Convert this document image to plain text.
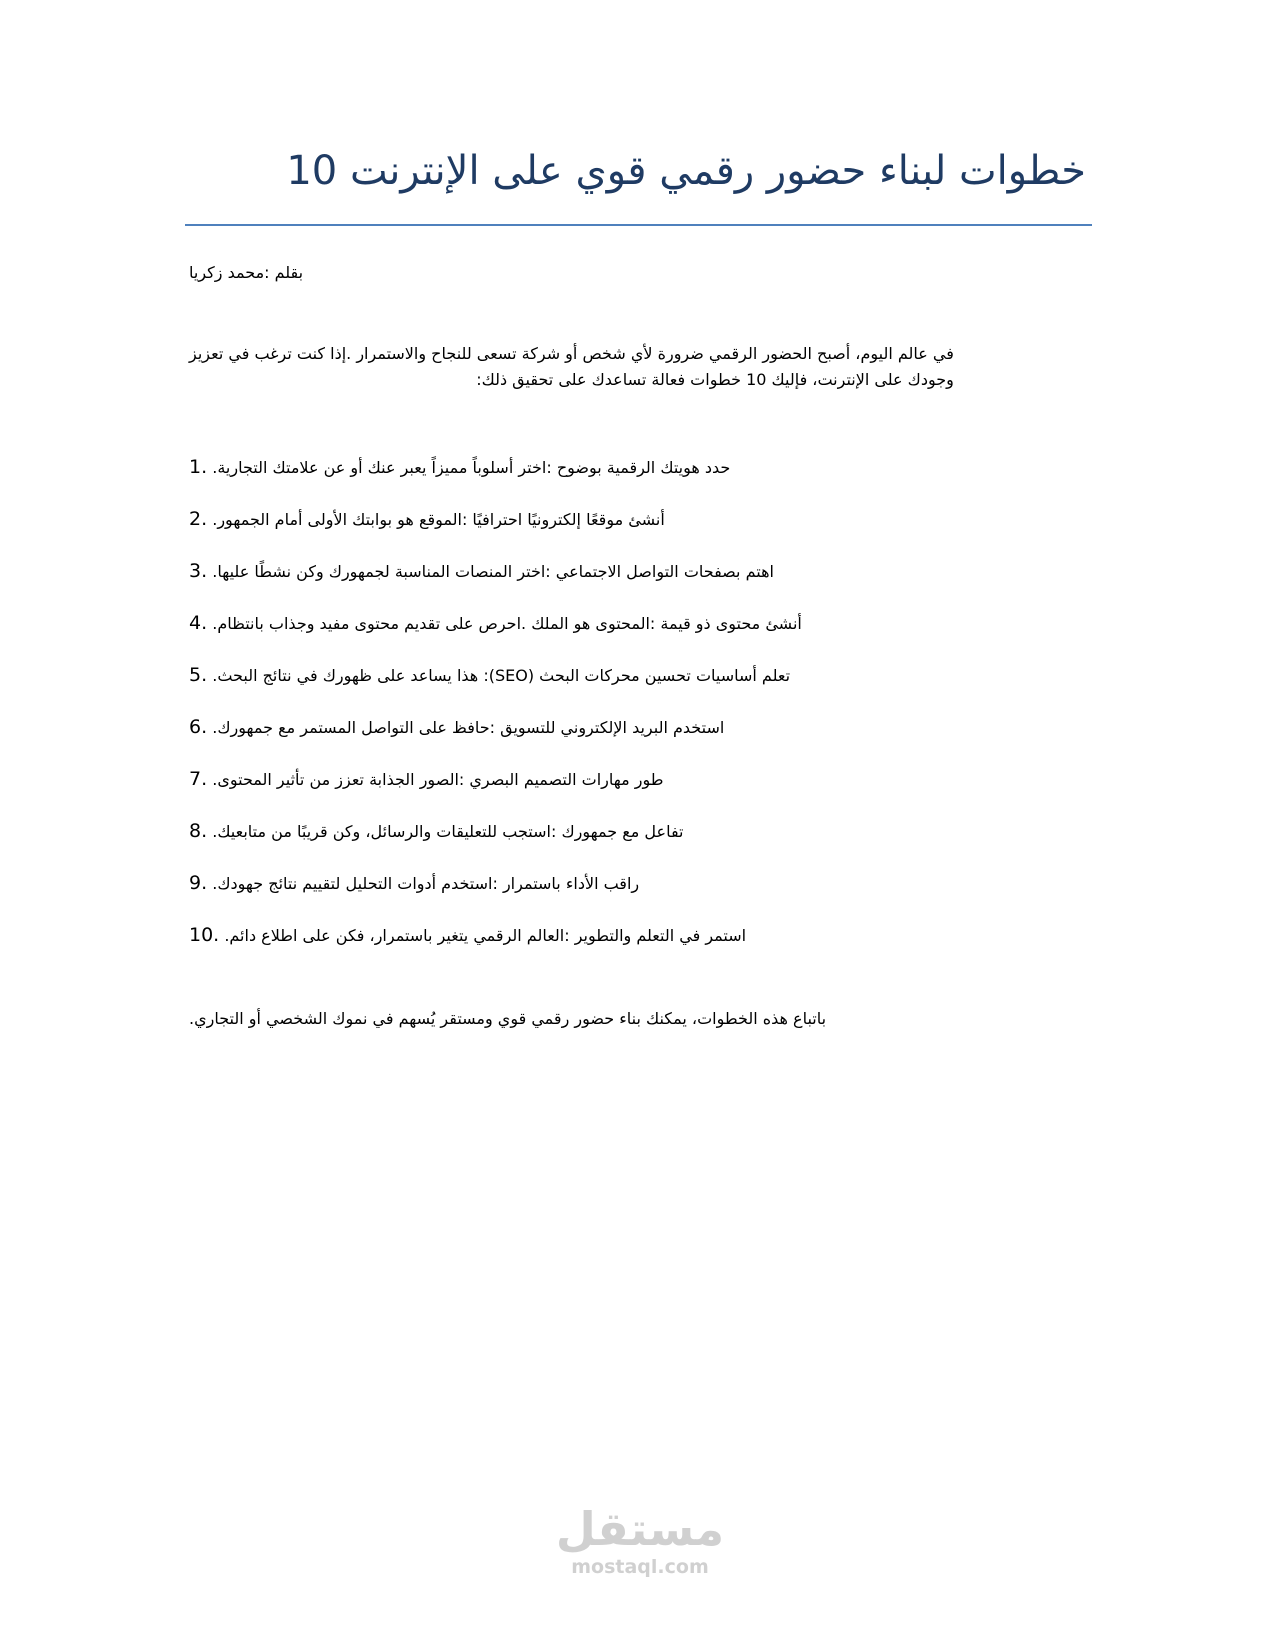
خطوات لبناء حضور رقمي قوي على الإنترنت 10

بقلم :محمد زكريا

في عالم اليوم، أصبح الحضور الرقمي ضرورة لأي شخص أو شركة تسعى للنجاح والاستمرار .إذا كنت ترغب في تعزيز
وجودك على الإنترنت، فإليك 10 خطوات فعالة تساعدك على تحقيق ذلك:

1. حدد هويتك الرقمية بوضوح :اختر أسلوباً مميزاً يعبر عنك أو عن علامتك التجارية.
2. أنشئ موقعًا إلكترونيًا احترافيًا :الموقع هو بوابتك الأولى أمام الجمهور.
3. اهتم بصفحات التواصل الاجتماعي :اختر المنصات المناسبة لجمهورك وكن نشطًا عليها.
4. أنشئ محتوى ذو قيمة :المحتوى هو الملك .احرص على تقديم محتوى مفيد وجذاب بانتظام.
5. تعلم أساسيات تحسين محركات البحث (SEO): هذا يساعد على ظهورك في نتائج البحث.
6. استخدم البريد الإلكتروني للتسويق :حافظ على التواصل المستمر مع جمهورك.
7. طور مهارات التصميم البصري :الصور الجذابة تعزز من تأثير المحتوى.
8. تفاعل مع جمهورك :استجب للتعليقات والرسائل، وكن قريبًا من متابعيك.
9. راقب الأداء باستمرار :استخدم أدوات التحليل لتقييم نتائج جهودك.
10. استمر في التعلم والتطوير :العالم الرقمي يتغير باستمرار، فكن على اطلاع دائم.

باتباع هذه الخطوات، يمكنك بناء حضور رقمي قوي ومستقر يُسهم في نموك الشخصي أو التجاري.

مستقل
mostaql.com
